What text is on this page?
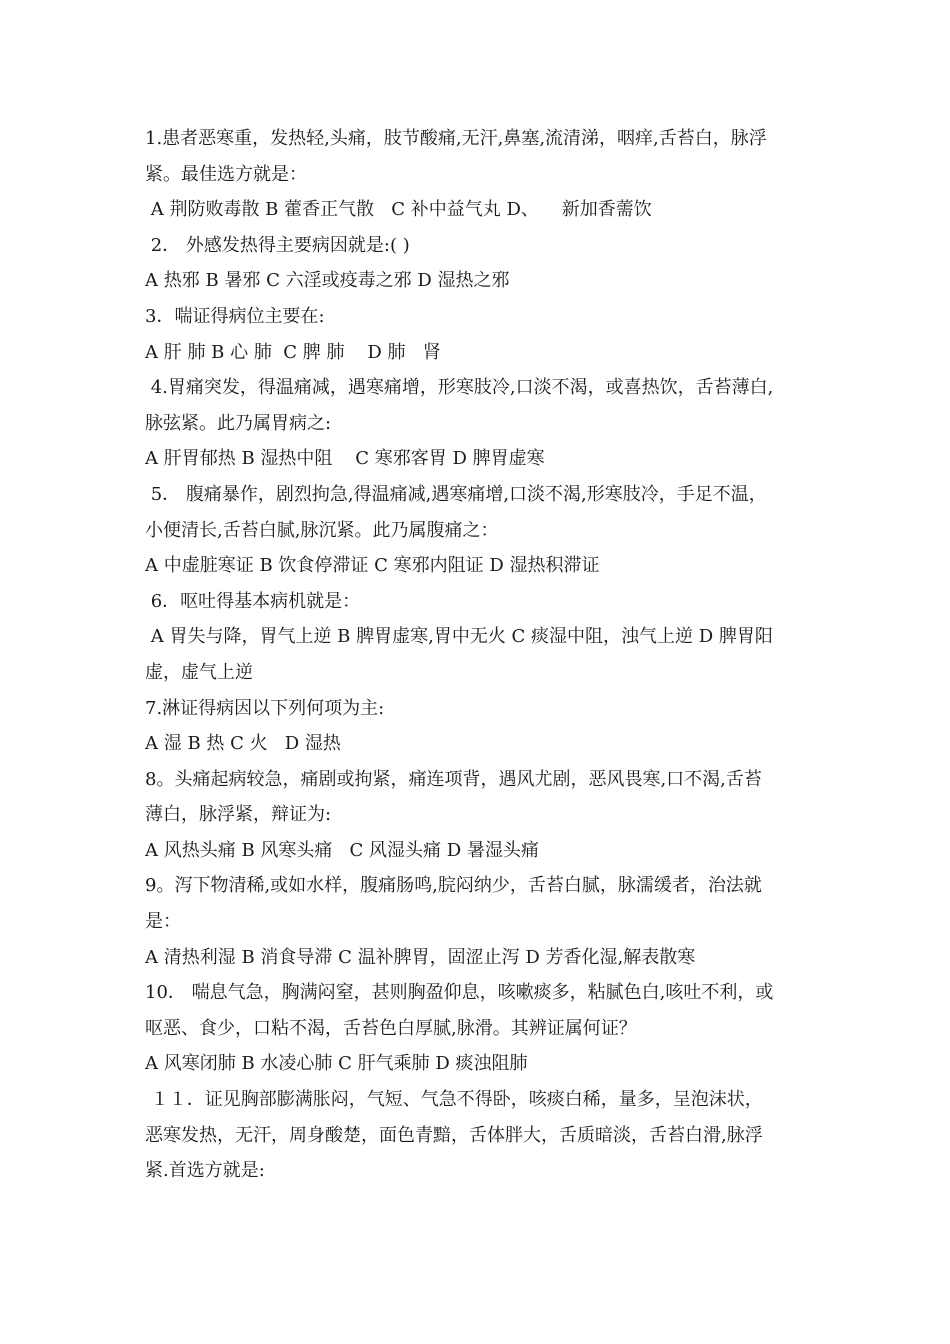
1.患者恶寒重，发热轻,头痛，肢节酸痛,无汗,鼻塞,流清涕，咽痒,舌苔白，脉浮
紧。最佳选方就是：
A 荆防败毒散 B 藿香正气散   C 补中益气丸 D、    新加香薷饮
2． 外感发热得主要病因就是:( )
A 热邪 B 暑邪 C 六淫或疫毒之邪 D 湿热之邪
3．喘证得病位主要在:
A 肝 肺 B 心 肺  C 脾 肺    D 肺   肾
4.胃痛突发，得温痛减，遇寒痛增，形寒肢冷,口淡不渴，或喜热饮，舌苔薄白,
脉弦紧。此乃属胃病之:
A 肝胃郁热 B 湿热中阻    C 寒邪客胃 D 脾胃虚寒
5． 腹痛暴作，剧烈拘急,得温痛减,遇寒痛增,口淡不渴,形寒肢冷，手足不温，
小便清长,舌苔白腻,脉沉紧。此乃属腹痛之：
A 中虚脏寒证 B 饮食停滞证 C 寒邪内阻证 D 湿热积滞证
6．呕吐得基本病机就是：
A 胃失与降，胃气上逆 B 脾胃虚寒,胃中无火 C 痰湿中阻，浊气上逆 D 脾胃阳
虚，虚气上逆
7.淋证得病因以下列何项为主:
A 湿 B 热 C 火   D 湿热
8。头痛起病较急，痛剧或拘紧，痛连项背，遇风尤剧，恶风畏寒,口不渴,舌苔
薄白，脉浮紧，辩证为:
A 风热头痛 B 风寒头痛   C 风湿头痛 D 暑湿头痛
9。泻下物清稀,或如水样，腹痛肠鸣,脘闷纳少，舌苔白腻，脉濡缓者，治法就
是：
A 清热利湿 B 消食导滞 C 温补脾胃，固涩止泻 D 芳香化湿,解表散寒
10． 喘息气急，胸满闷窒，甚则胸盈仰息，咳嗽痰多，粘腻色白,咳吐不利，或
呕恶、食少，口粘不渴，舌苔色白厚腻,脉滑。其辨证属何证？
A 风寒闭肺 B 水凌心肺 C 肝气乘肺 D 痰浊阻肺
１１．证见胸部膨满胀闷，气短、气急不得卧，咳痰白稀，量多，呈泡沫状，
恶寒发热，无汗，周身酸楚，面色青黯，舌体胖大，舌质暗淡，舌苔白滑,脉浮
紧.首选方就是:
